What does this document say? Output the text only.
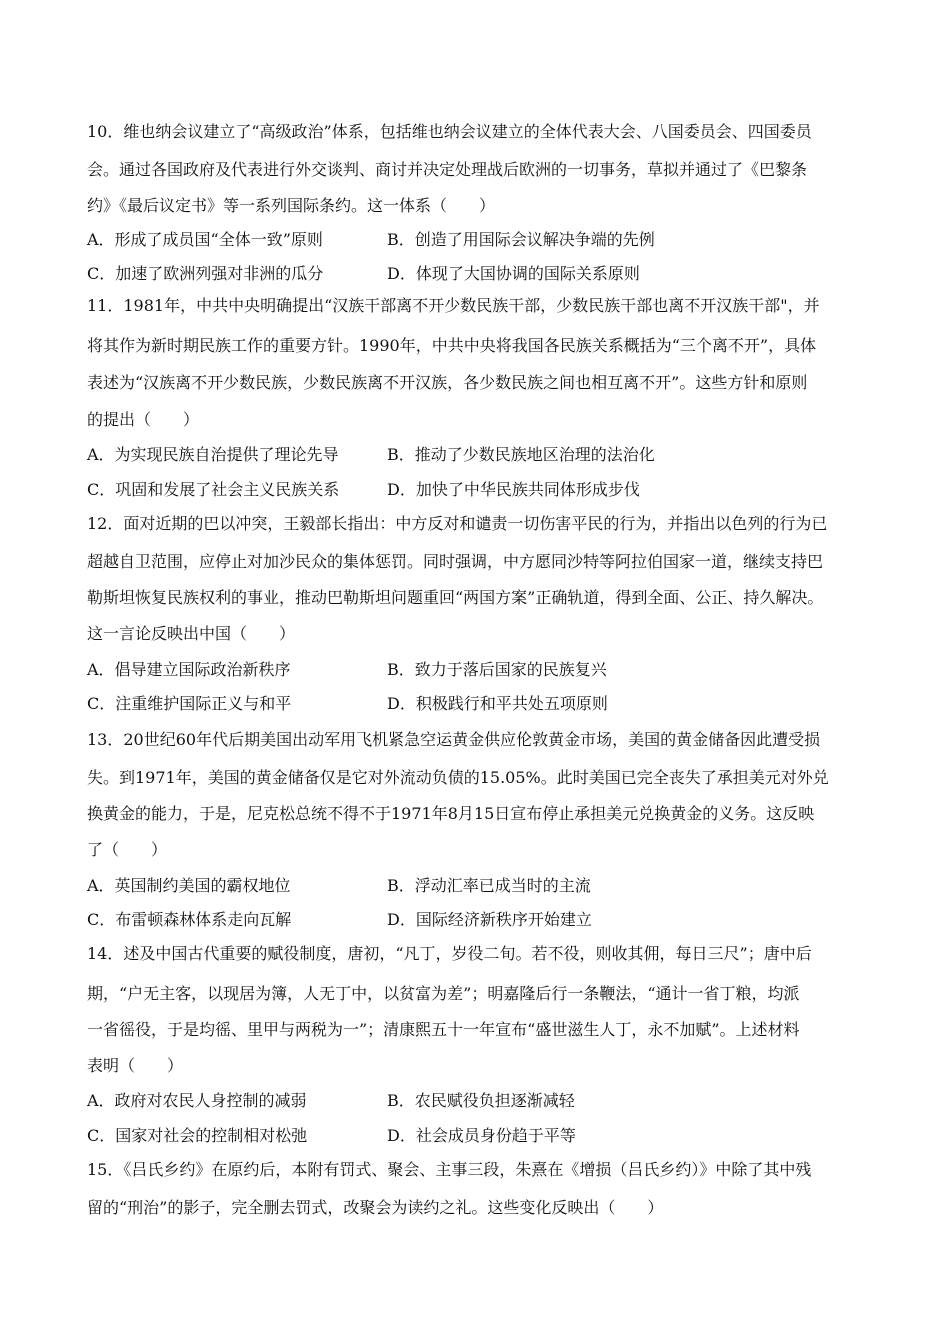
10．维也纳会议建立了“高级政治”体系，包括维也纳会议建立的全体代表大会、八国委员会、四国委员
会。通过各国政府及代表进行外交谈判、商讨并决定处理战后欧洲的一切事务，草拟并通过了《巴黎条
约》《最后议定书》等一系列国际条约。这一体系（　　）
A．形成了成员国“全体一致”原则	B．创造了用国际会议解决争端的先例
C．加速了欧洲列强对非洲的瓜分	D．体现了大国协调的国际关系原则
11．1981年，中共中央明确提出“汉族干部离不开少数民族干部，少数民族干部也离不开汉族干部"，并
将其作为新时期民族工作的重要方针。1990年，中共中央将我国各民族关系概括为“三个离不开”，具体
表述为“汉族离不开少数民族，少数民族离不开汉族，各少数民族之间也相互离不开”。这些方针和原则
的提出（　　）
A．为实现民族自治提供了理论先导	B．推动了少数民族地区治理的法治化
C．巩固和发展了社会主义民族关系	D．加快了中华民族共同体形成步伐
12．面对近期的巴以冲突，王毅部长指出：中方反对和谴责一切伤害平民的行为，并指出以色列的行为已
超越自卫范围，应停止对加沙民众的集体惩罚。同时强调，中方愿同沙特等阿拉伯国家一道，继续支持巴
勒斯坦恢复民族权利的事业，推动巴勒斯坦问题重回“两国方案”正确轨道，得到全面、公正、持久解决。
这一言论反映出中国（　　）
A．倡导建立国际政治新秩序	B．致力于落后国家的民族复兴
C．注重维护国际正义与和平	D．积极践行和平共处五项原则
13．20世纪60年代后期美国出动军用飞机紧急空运黄金供应伦敦黄金市场，美国的黄金储备因此遭受损
失。到1971年，美国的黄金储备仅是它对外流动负债的15.05%。此时美国已完全丧失了承担美元对外兑
换黄金的能力，于是，尼克松总统不得不于1971年8月15日宣布停止承担美元兑换黄金的义务。这反映
了（　　）
A．英国制约美国的霸权地位	B．浮动汇率已成当时的主流
C．布雷顿森林体系走向瓦解	D．国际经济新秩序开始建立
14．述及中国古代重要的赋役制度，唐初，“凡丁，岁役二旬。若不役，则收其佣，每日三尺”；唐中后
期，“户无主客，以现居为簿，人无丁中，以贫富为差”；明嘉隆后行一条鞭法，“通计一省丁粮，均派
一省徭役，于是均徭、里甲与两税为一”；清康熙五十一年宣布“盛世滋生人丁，永不加赋”。上述材料
表明（　　）
A．政府对农民人身控制的减弱	B．农民赋役负担逐渐减轻
C．国家对社会的控制相对松弛	D．社会成员身份趋于平等
15．《吕氏乡约》在原约后，本附有罚式、聚会、主事三段，朱熹在《增损（吕氏乡约）》中除了其中残
留的“刑治”的影子，完全删去罚式，改聚会为读约之礼。这些变化反映出（　　）
